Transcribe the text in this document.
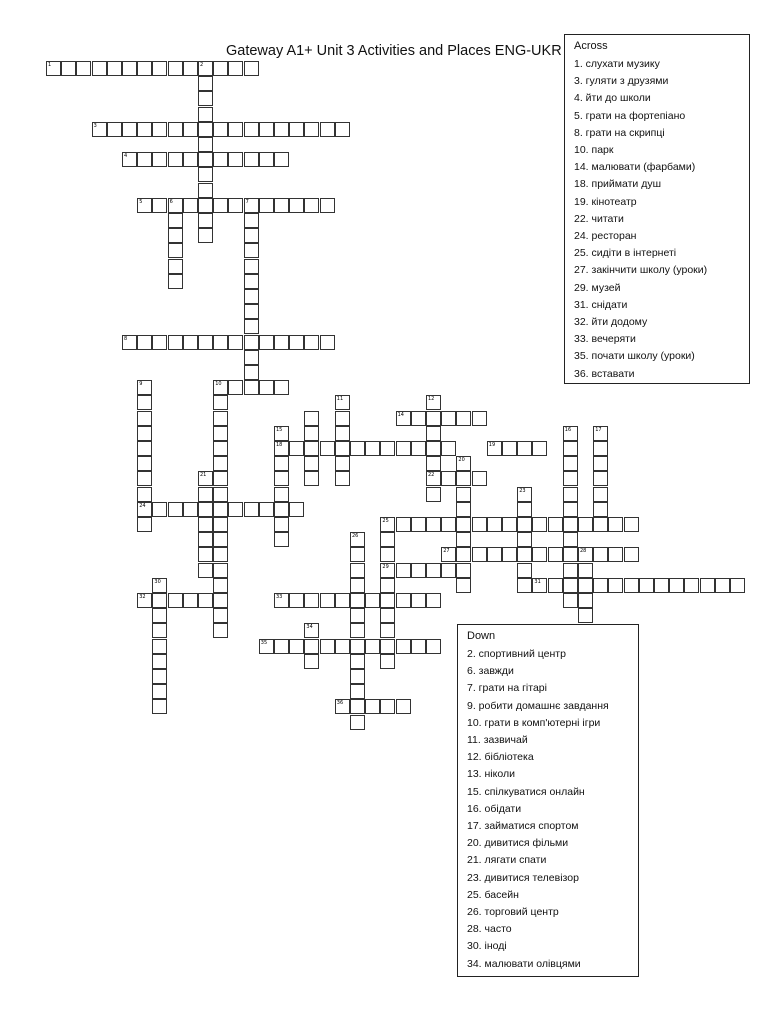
Gateway A1+ Unit 3 Activities and Places ENG-UKR
1	2
3
4
5	6	7
8
9
24
10
11	12
22
14
15
18	19
16	17
20
21
23
25
29
26
27	28
30	31
32	33
34
35
36
Across
1. слухати музику
3. гуляти з друзями
4. йти до школи
5. грати на фортепіано
8. грати на скрипці
10. парк
14. малювати (фарбами)
18. приймати душ
19. кінотеатр
22. читати
24. ресторан
25. сидіти в інтернеті
27. закінчити школу (уроки)
29. музей
31. снідати
32. йти додому
33. вечеряти
35. почати школу (уроки)
36. вставати
Down
2. спортивний центр
6. завжди
7. грати на гітарі
9. робити домашнє завдання
10. грати в комп'ютерні ігри
11. зазвичай
12. бібліотека
13. ніколи
15. спілкуватися онлайн
16. обідати
17. займатися спортом
20. дивитися фільми
21. лягати спати
23. дивитися телевізор
25. басейн
26. торговий центр
28. часто
30. іноді
34. малювати олівцями
